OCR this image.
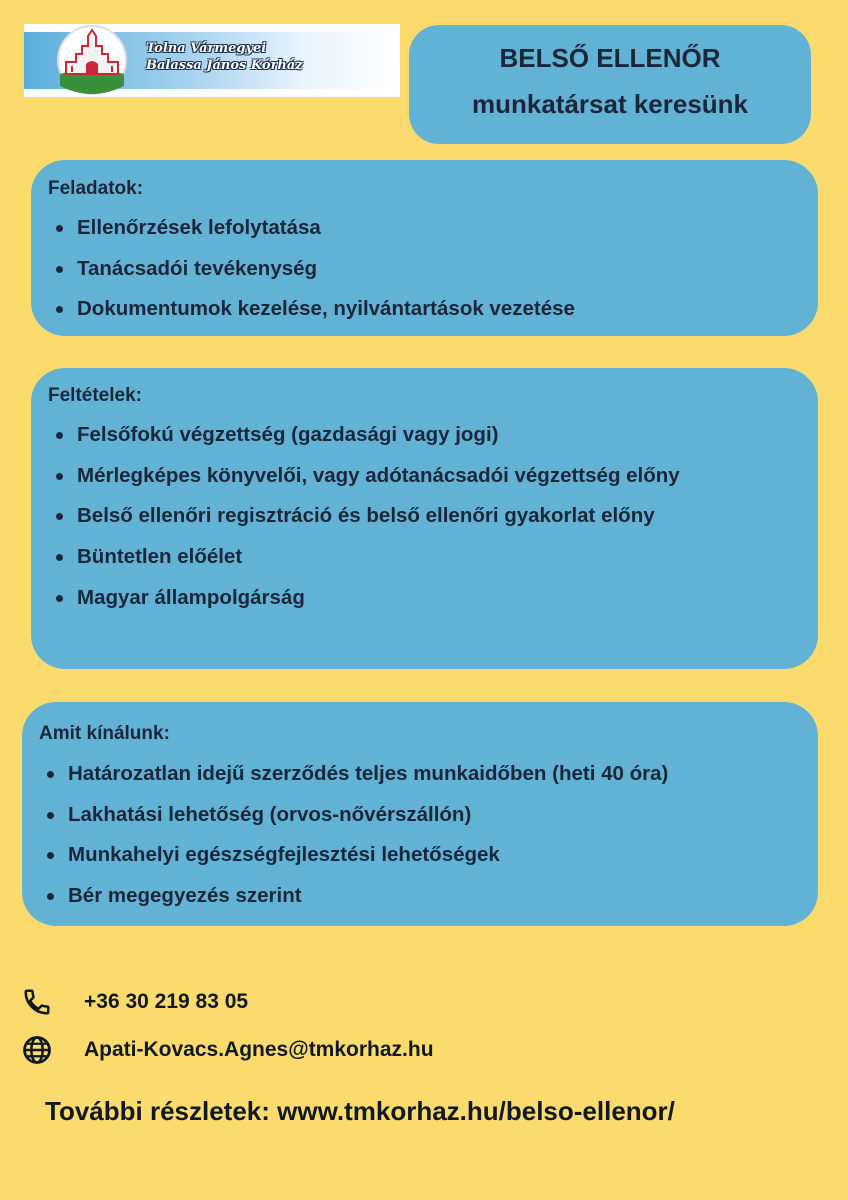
Tolna Vármegyei
Balassa János Kórház	BELSŐ ELLENŐR
munkatársat keresünk
Feladatok:
Ellenőrzések lefolytatása
Tanácsadói tevékenység
Dokumentumok kezelése, nyilvántartások vezetése
Feltételek:
Felsőfokú végzettség (gazdasági vagy jogi)
Mérlegképes könyvelői, vagy adótanácsadói végzettség előny
Belső ellenőri regisztráció és belső ellenőri gyakorlat előny
Büntetlen előélet
Magyar állampolgárság
Amit kínálunk:
Határozatlan idejű szerződés teljes munkaidőben (heti 40 óra)
Lakhatási lehetőség (orvos-nővérszállón)
Munkahelyi egészségfejlesztési lehetőségek
Bér megegyezés szerint
+36 30 219 83 05
Apati-Kovacs.Agnes@tmkorhaz.hu
További részletek: www.tmkorhaz.hu/belso-ellenor/
